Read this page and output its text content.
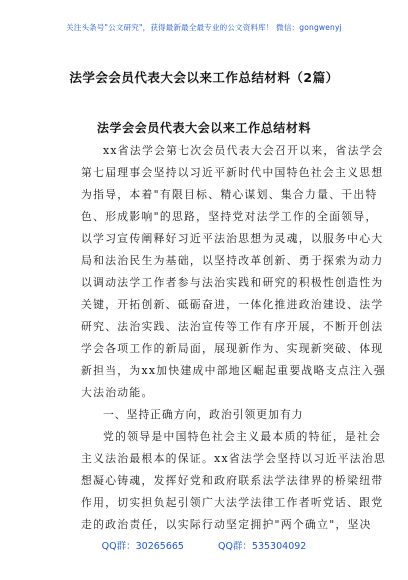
关注头条号"公文研究"，获得最新最全最专业的公文资料库！ 微信：gongwenyj
法学会会员代表大会以来工作总结材料（2篇）
法学会会员代表大会以来工作总结材料
xx省法学会第七次会员代表大会召开以来，省法学会
第七届理事会坚持以习近平新时代中国特色社会主义思想
为指导，本着"有限目标、精心谋划、集合力量、干出特
色、形成影响"的思路，坚持党对法学工作的全面领导，
以学习宣传阐释好习近平法治思想为灵魂，以服务中心大
局和法治民生为基础，以坚持改革创新、勇于探索为动力
以调动法学工作者参与法治实践和研究的积极性创造性为
关键，开拓创新、砥砺奋进，一体化推进政治建设、法学
研究、法治实践、法治宣传等工作有序开展，不断开创法
学会各项工作的新局面，展现新作为、实现新突破、体现
新担当，为xx加快建成中部地区崛起重要战略支点注入强
大法治动能。
一、坚持正确方向，政治引领更加有力
党的领导是中国特色社会主义最本质的特征，是社会
主义法治最根本的保证。xx省法学会坚持以习近平法治思
想凝心铸魂，发挥好党和政府联系法学法律界的桥梁纽带
作用，切实担负起引领广大法学法律工作者听党话、跟党
走的政治责任，以实际行动坚定拥护"两个确立"，坚决
QQ群：30265665	QQ群：535304092
